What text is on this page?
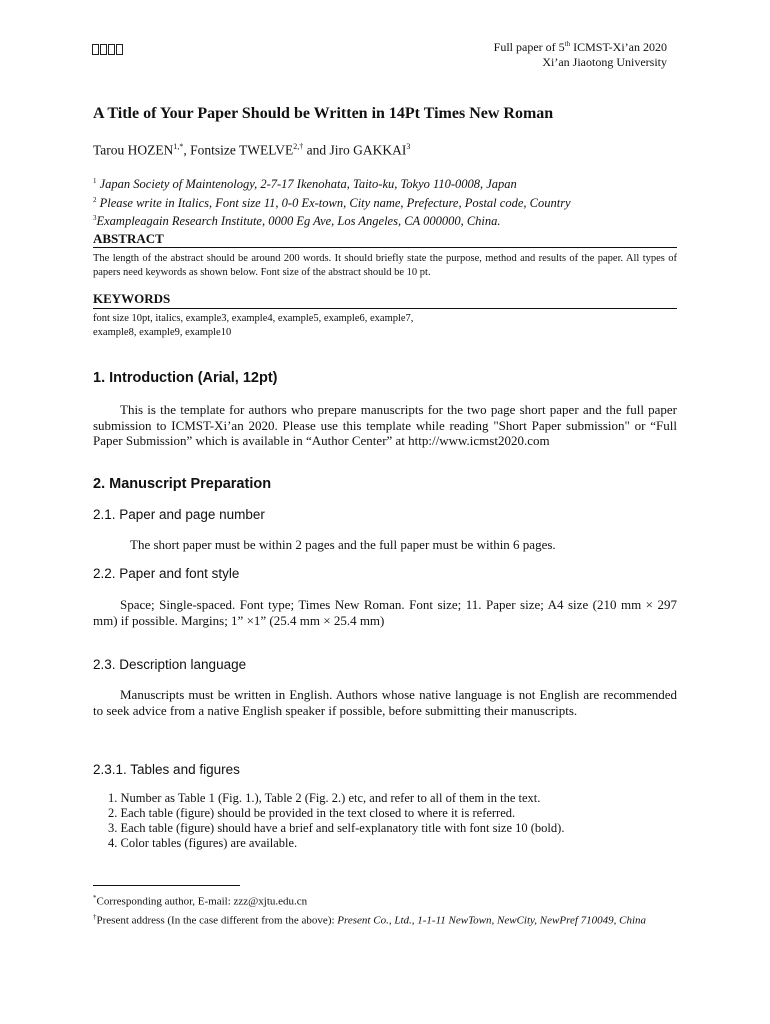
Full paper of 5th ICMST-Xi’an 2020
Xi’an Jiaotong University
A Title of Your Paper Should be Written in 14Pt Times New Roman
Tarou $HOZEN^{1,*}$, Fontsize $TWELVE^{2,\dagger}$ and Jiro GAKKAI$^3$
$^1$ Japan Society of Maintenology, 2-7-17 Ikenohata, Taito-ku, Tokyo 110-0008, Japan
$^2$ Please write in Italics, Font size 11, 0-0 Ex-town, City name, Prefecture, Postal code, Country
$^3$Exampleagain Research Institute, 0000 Eg Ave, Los Angeles, CA 000000, China.
ABSTRACT
The length of the abstract should be around 200 words. It should briefly state the purpose, method and results of the paper. All types of papers need keywords as shown below. Font size of the abstract should be 10 pt.
KEYWORDS
font size 10pt, italics, example3, example4, example5, example6, example7,
example8, example9, example10
1. Introduction (Arial, 12pt)
This is the template for authors who prepare manuscripts for the two page short paper and the full paper submission to ICMST-Xi’an 2020. Please use this template while reading "Short Paper submission" or “Full Paper Submission” which is available in “Author Center” at http://www.icmst2020.com
2. Manuscript Preparation
2.1. Paper and page number
The short paper must be within 2 pages and the full paper must be within 6 pages.
2.2. Paper and font style
Space; Single-spaced. Font type; Times New Roman. Font size; 11. Paper size; A4 size (210 mm × 297 mm) if possible. Margins; 1” ×1” (25.4 mm × 25.4 mm)
2.3. Description language
Manuscripts must be written in English. Authors whose native language is not English are recommended to seek advice from a native English speaker if possible, before submitting their manuscripts.
2.3.1. Tables and figures
1. Number as Table 1 (Fig. 1.), Table 2 (Fig. 2.) etc, and refer to all of them in the text.
2. Each table (figure) should be provided in the text closed to where it is referred.
3. Each table (figure) should have a brief and self-explanatory title with font size 10 (bold).
4. Color tables (figures) are available.
*Corresponding author, E-mail: zzz@xjtu.edu.cn
†Present address (In the case different from the above): Present Co., Ltd., 1-1-11 NewTown, NewCity, NewPref 710049, China
